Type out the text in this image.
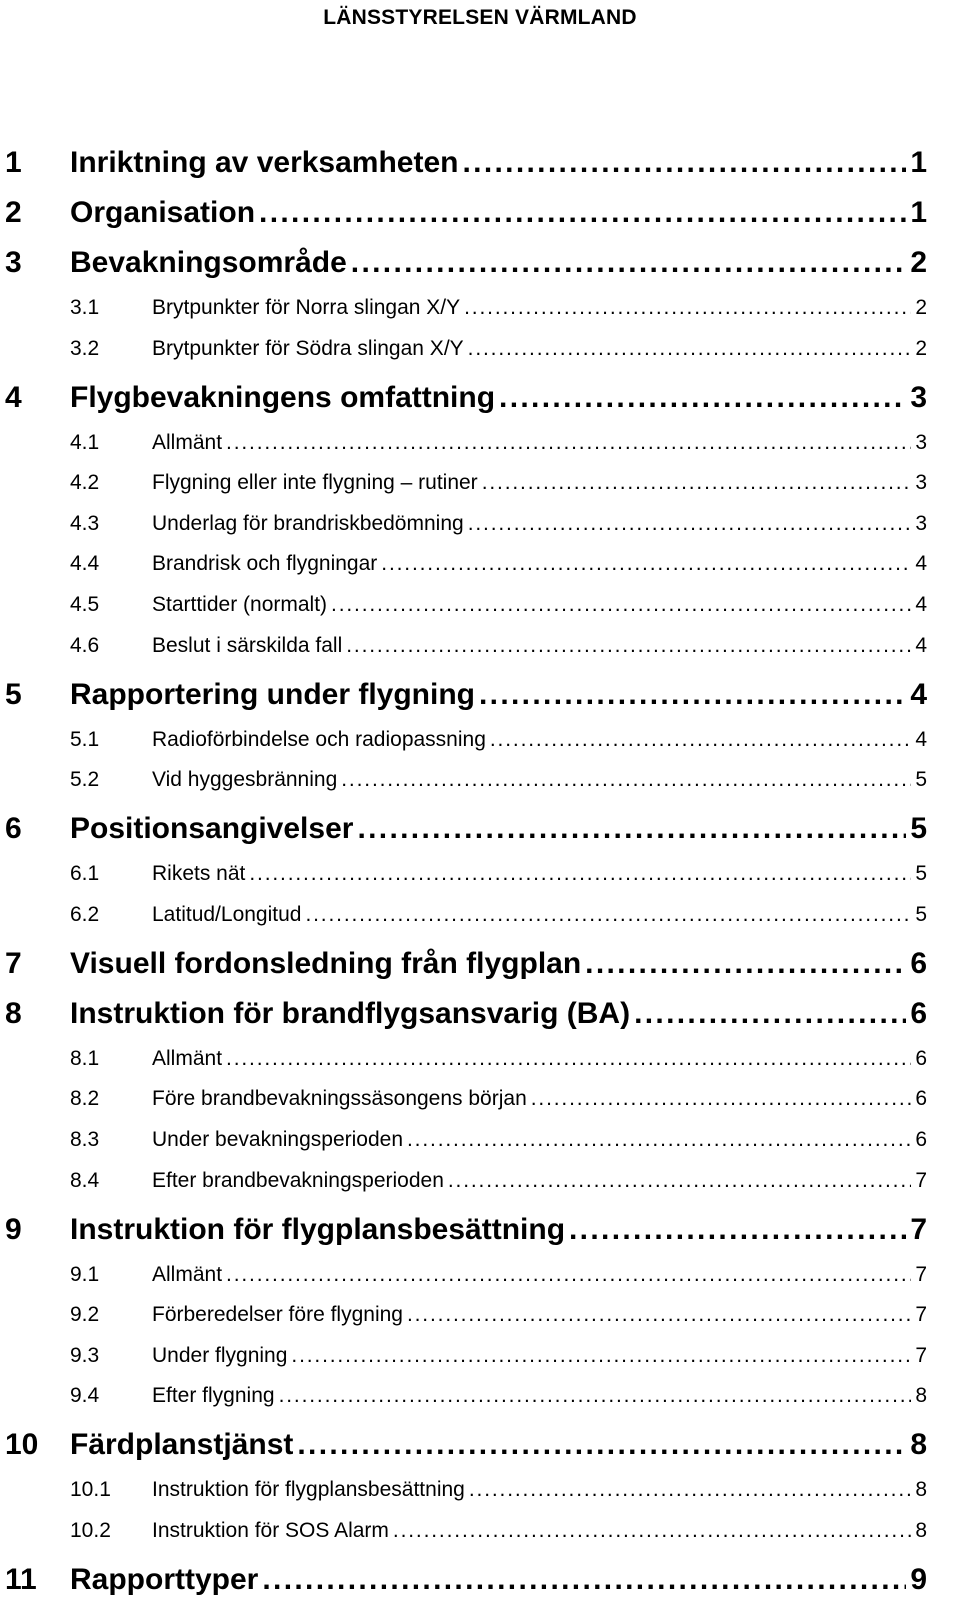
LÄNSSTYRELSEN VÄRMLAND
1	Inriktning av verksamheten . . .	1
2	Organisation . . .	1
3	Bevakningsområde . . .	2
3.1	Brytpunkter för Norra slingan X/Y . . .	2
3.2	Brytpunkter för Södra slingan X/Y . . .	2
4	Flygbevakningens omfattning . . .	3
4.1	Allmänt . . .	3
4.2	Flygning eller inte flygning – rutiner . . .	3
4.3	Underlag för brandriskbedömning . . .	3
4.4	Brandrisk och flygningar . . .	4
4.5	Starttider (normalt) . . .	4
4.6	Beslut i särskilda fall . . .	4
5	Rapportering under flygning . . .	4
5.1	Radioförbindelse och radiopassning . . .	4
5.2	Vid hyggesbränning . . .	5
6	Positionsangivelser . . .	5
6.1	Rikets nät . . .	5
6.2	Latitud/Longitud . . .	5
7	Visuell fordonsledning från flygplan . . .	6
8	Instruktion för brandflygsansvarig (BA) . . .	6
8.1	Allmänt . . .	6
8.2	Före brandbevakningssäsongens början . . .	6
8.3	Under bevakningsperioden . . .	6
8.4	Efter brandbevakningsperioden . . .	7
9	Instruktion för flygplansbesättning . . .	7
9.1	Allmänt . . .	7
9.2	Förberedelser före flygning . . .	7
9.3	Under flygning . . .	7
9.4	Efter flygning . . .	8
10	Färdplanstjänst . . .	8
10.1	Instruktion för flygplansbesättning . . .	8
10.2	Instruktion för SOS Alarm . . .	8
11	Rapporttyper . . .	9
